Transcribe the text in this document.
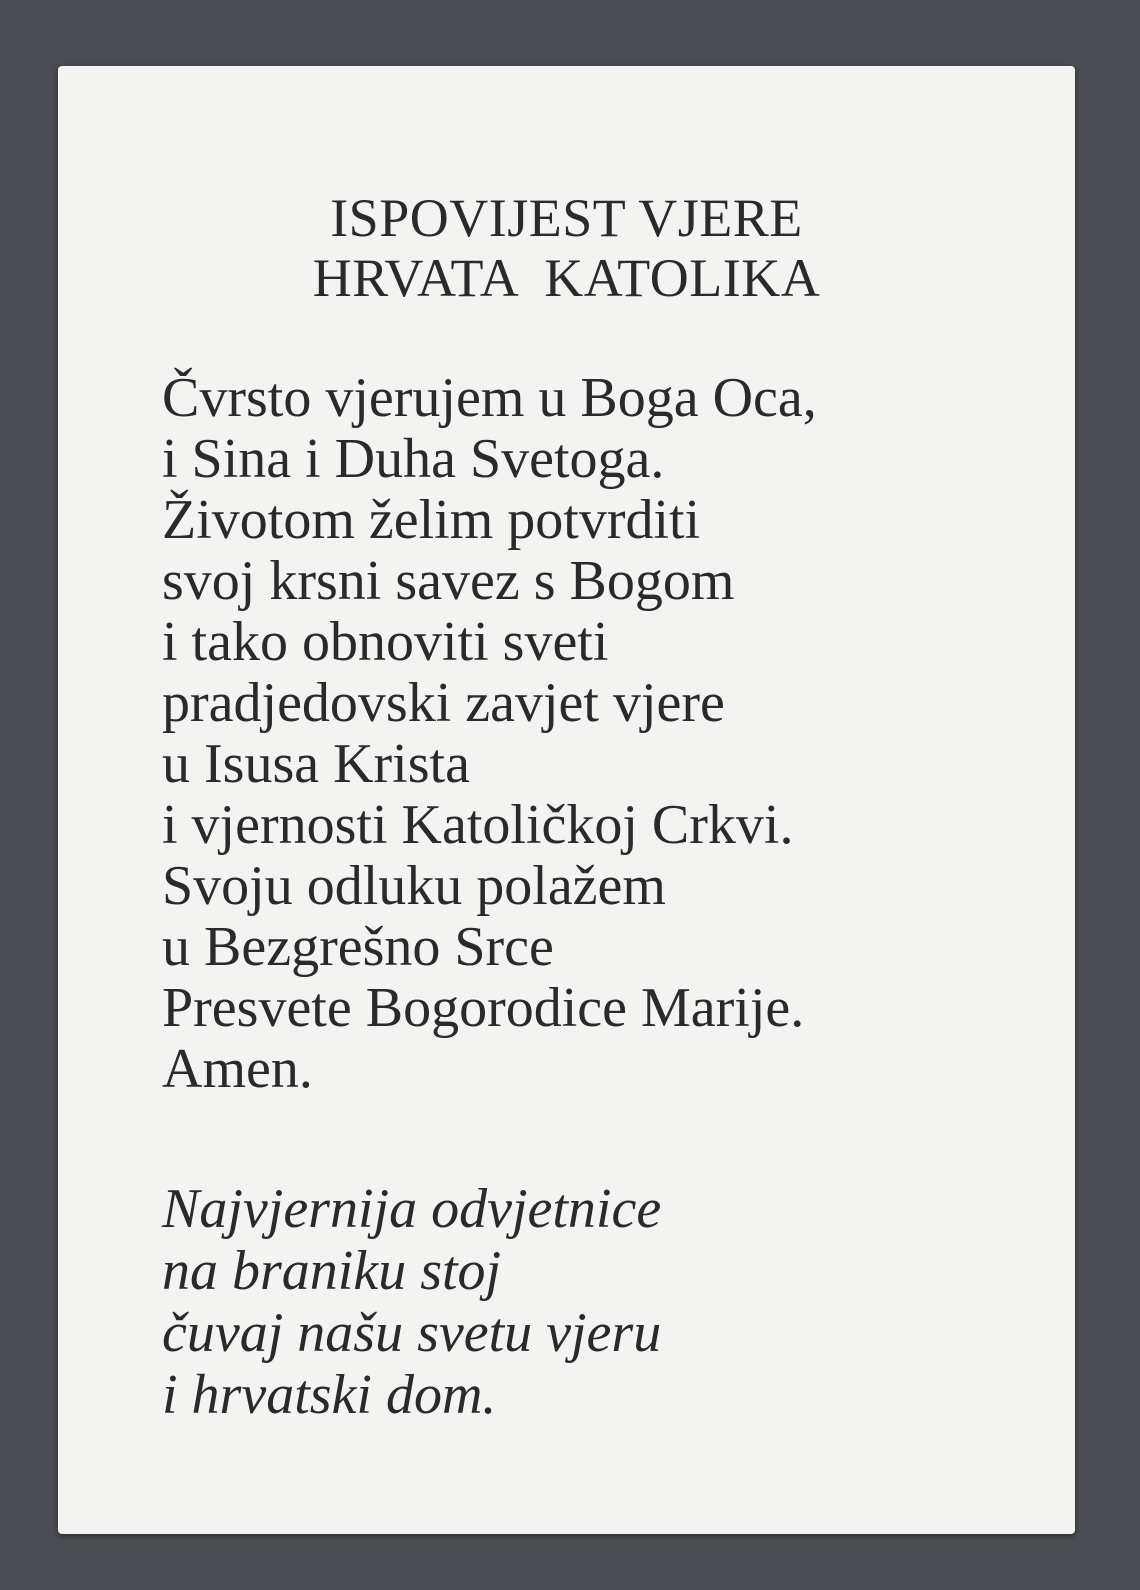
ISPOVIJEST VJERE
HRVATA  KATOLIKA
Čvrsto vjerujem u Boga Oca,
i Sina i Duha Svetoga.
Životom želim potvrditi
svoj krsni savez s Bogom
i tako obnoviti sveti
pradjedovski zavjet vjere
u Isusa Krista
i vjernosti Katoličkoj Crkvi.
Svoju odluku polažem
u Bezgrešno Srce
Presvete Bogorodice Marije.
Amen.
Najvjernija odvjetnice
na braniku stoj
čuvaj našu svetu vjeru
i hrvatski dom.
